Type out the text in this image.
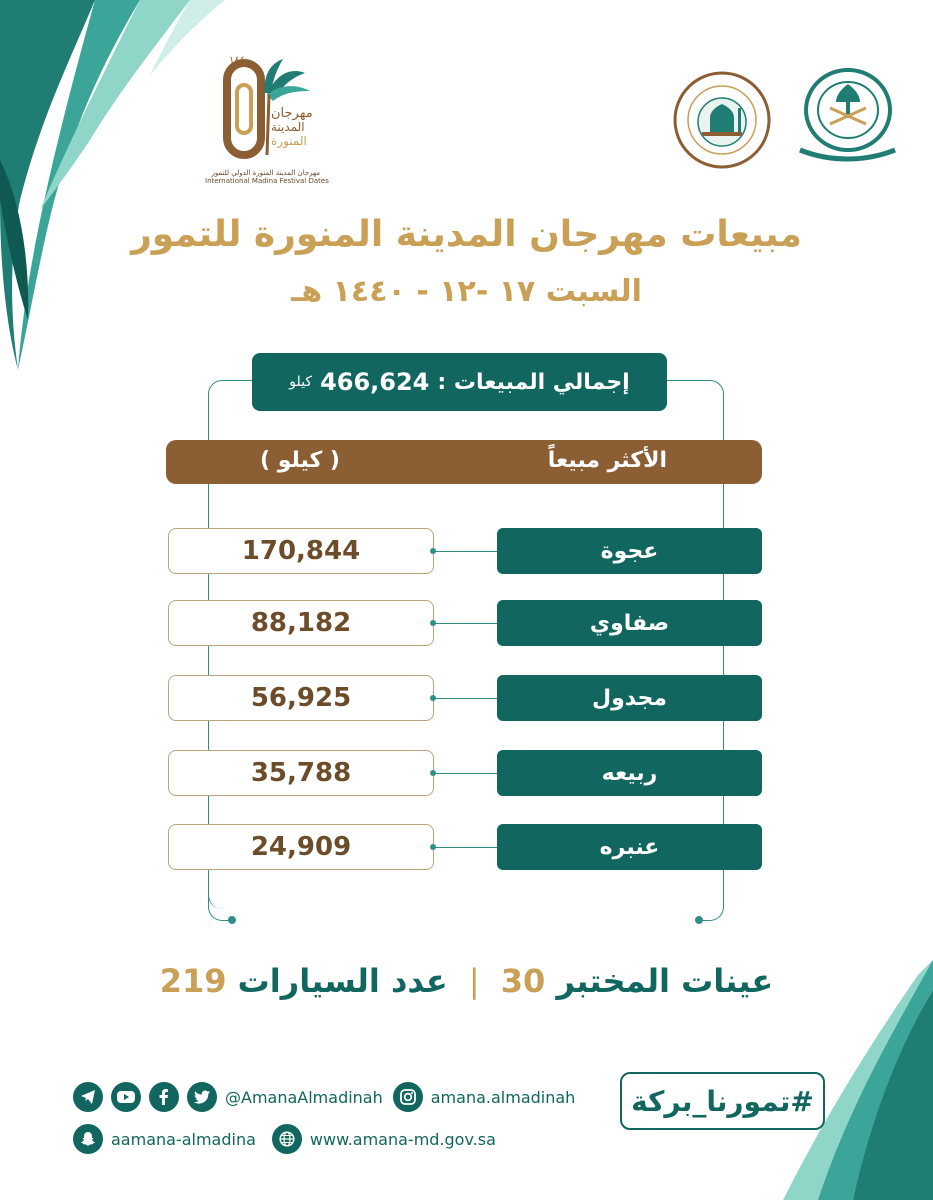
مهرجان
المدينة
المنورة
١٤٤٠
مهرجان المدينة المنورة الدولي للتمور
International Madina Festival Dates
مبيعات مهرجان المدينة المنورة للتمور
السبت ١٧ -١٢ - ١٤٤٠ هـ
إجمالي المبيعات :
466,624
كيلو
الأكثر مبيعاً
( كيلو )
170,844	عجوة
88,182	صفاوي
56,925	مجدول
35,788	ربيعه
24,909	عنبره
عينات المختبر 30 | عدد السيارات 219
#تمورنا_بركة
@AmanaAlmadinah	amana.almadinah
aamana-almadina	www.amana-md.gov.sa
